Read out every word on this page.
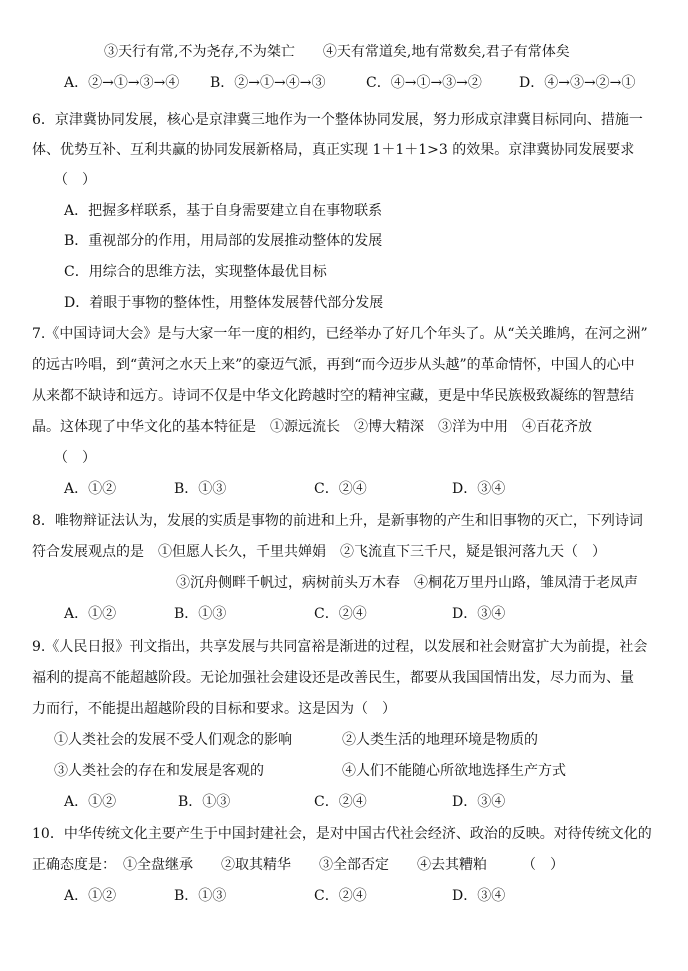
③天行有常,不为尧存,不为桀亡　　④天有常道矣,地有常数矣,君子有常体矣
A．②→①→③→④ B．②→①→④→③	C．④→①→③→②	D．④→③→②→①
6．京津冀协同发展，核心是京津冀三地作为一个整体协同发展，努力形成京津冀目标同向、措施一
体、优势互补、互利共赢的协同发展新格局，真正实现 1＋1＋1>3 的效果。京津冀协同发展要求
（　）
A．把握多样联系，基于自身需要建立自在事物联系
B．重视部分的作用，用局部的发展推动整体的发展
C．用综合的思维方法，实现整体最优目标
D．着眼于事物的整体性，用整体发展替代部分发展
7.《中国诗词大会》是与大家一年一度的相约，已经举办了好几个年头了。从“关关雎鸠，在河之洲”
的远古吟唱，到“黄河之水天上来”的豪迈气派，再到“而今迈步从头越”的革命情怀，中国人的心中
从来都不缺诗和远方。诗词不仅是中华文化跨越时空的精神宝藏，更是中华民族极致凝练的智慧结
晶。这体现了中华文化的基本特征是　①源远流长　②博大精深　③洋为中用　④百花齐放
（　）
A．①②	B．①③	C．②④	D．③④
8．唯物辩证法认为，发展的实质是事物的前进和上升，是新事物的产生和旧事物的灭亡，下列诗词
符合发展观点的是　①但愿人长久，千里共婵娟　②飞流直下三千尺，疑是银河落九天（　）
③沉舟侧畔千帆过，病树前头万木春　④桐花万里丹山路，雏凤清于老凤声
A．①②	B．①③	C．②④	D．③④
9.《人民日报》刊文指出，共享发展与共同富裕是渐进的过程，以发展和社会财富扩大为前提，社会
福利的提高不能超越阶段。无论加强社会建设还是改善民生，都要从我国国情出发，尽力而为、量
力而行，不能提出超越阶段的目标和要求。这是因为（　）
①人类社会的发展不受人们观念的影响	②人类生活的地理环境是物质的
③人类社会的存在和发展是客观的	④人们不能随心所欲地选择生产方式
A．①②	B．①③	C．②④	D．③④
10．中华传统文化主要产生于中国封建社会，是对中国古代社会经济、政治的反映。对待传统文化的
正确态度是：　①全盘继承　　②取其精华　　③全部否定　　④去其糟粕　　　（　）
A．①②	B．①③	C．②④	D．③④
